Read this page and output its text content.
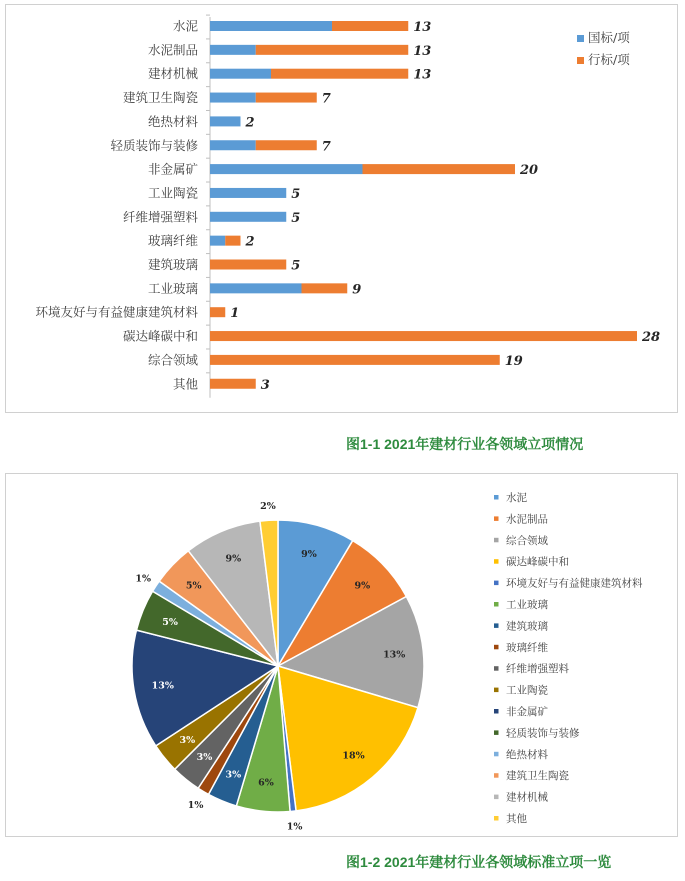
水泥	13
水泥制品	13
建材机械	13
建筑卫生陶瓷	7
绝热材料	2
轻质装饰与装修	7
非金属矿	20
工业陶瓷	5
纤维增强塑料	5
玻璃纤维	2
建筑玻璃	5
工业玻璃	9
环境友好与有益健康建筑材料 1
碳达峰碳中和	28
综合领域	19
其他	3
国标/项
行标/项
图1-1 2021年建材行业各领域立项情况
9%
9%
13%
18%
1%
6%
3%
1%
3%
3%
13%
5%
1%
5%
9%
2%
水泥
水泥制品
综合领域
碳达峰碳中和
环境友好与有益健康建筑材料
工业玻璃
建筑玻璃
玻璃纤维
纤维增强塑料
工业陶瓷
非金属矿
轻质装饰与装修
绝热材料
建筑卫生陶瓷
建材机械
其他
图1-2 2021年建材行业各领域标准立项一览
